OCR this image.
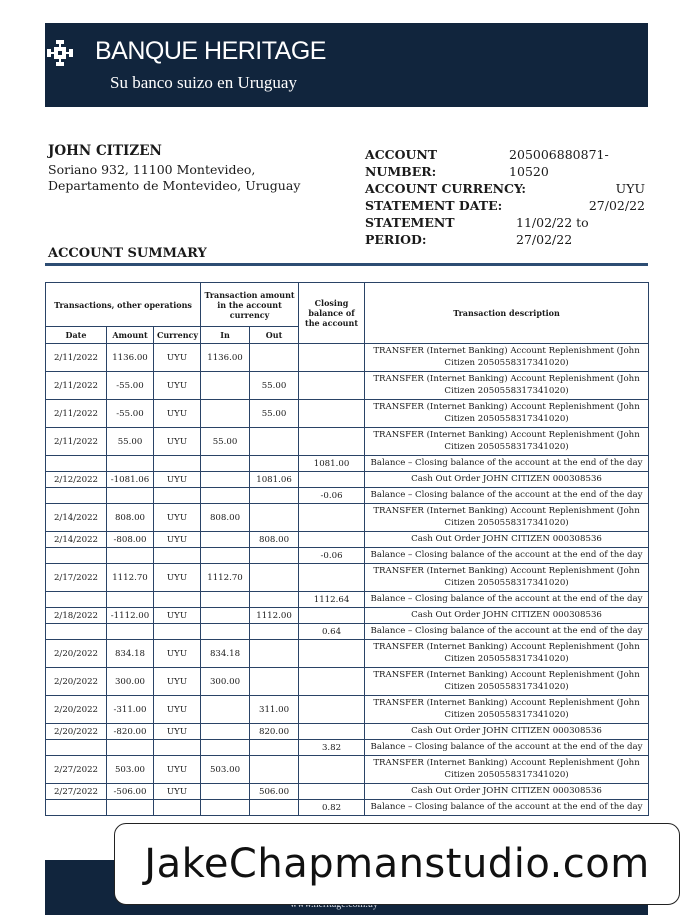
BANQUE HERITAGE
Su banco suizo en Uruguay
JOHN CITIZEN
Soriano 932, 11100 Montevideo,
Departamento de Montevideo, Uruguay
ACCOUNT NUMBER:
205006880871-10520
ACCOUNT CURRENCY:	UYU
STATEMENT DATE:	27/02/22
STATEMENT PERIOD:
11/02/22 to 27/02/22
ACCOUNT SUMMARY
Transactions, other operations			Transaction amount in the account currency		Closing balance of the account	Transaction description
Date	Amount	Currency	In	Out		
2/11/2022	1136.00	UYU	1136.00			TRANSFER (Internet Banking) Account Replenishment (John Citizen 2050558317341020)
2/11/2022	-55.00	UYU		55.00		TRANSFER (Internet Banking) Account Replenishment (John Citizen 2050558317341020)
2/11/2022	-55.00	UYU		55.00		TRANSFER (Internet Banking) Account Replenishment (John Citizen 2050558317341020)
2/11/2022	55.00	UYU	55.00			TRANSFER (Internet Banking) Account Replenishment (John Citizen 2050558317341020)
					1081.00	Balance – Closing balance of the account at the end of the day
2/12/2022	-1081.06	UYU		1081.06		Cash Out Order JOHN CITIZEN 000308536
					-0.06	Balance – Closing balance of the account at the end of the day
2/14/2022	808.00	UYU	808.00			TRANSFER (Internet Banking) Account Replenishment (John Citizen 2050558317341020)
2/14/2022	-808.00	UYU		808.00		Cash Out Order JOHN CITIZEN 000308536
					-0.06	Balance – Closing balance of the account at the end of the day
2/17/2022	1112.70	UYU	1112.70			TRANSFER (Internet Banking) Account Replenishment (John Citizen 2050558317341020)
					1112.64	Balance – Closing balance of the account at the end of the day
2/18/2022	-1112.00	UYU		1112.00		Cash Out Order JOHN CITIZEN 000308536
					0.64	Balance – Closing balance of the account at the end of the day
2/20/2022	834.18	UYU	834.18			TRANSFER (Internet Banking) Account Replenishment (John Citizen 2050558317341020)
2/20/2022	300.00	UYU	300.00			TRANSFER (Internet Banking) Account Replenishment (John Citizen 2050558317341020)
2/20/2022	-311.00	UYU		311.00		TRANSFER (Internet Banking) Account Replenishment (John Citizen 2050558317341020)
2/20/2022	-820.00	UYU		820.00		Cash Out Order JOHN CITIZEN 000308536
					3.82	Balance – Closing balance of the account at the end of the day
2/27/2022	503.00	UYU	503.00			TRANSFER (Internet Banking) Account Replenishment (John Citizen 2050558317341020)
2/27/2022	-506.00	UYU		506.00		Cash Out Order JOHN CITIZEN 000308536
					0.82	Balance – Closing balance of the account at the end of the day
JakeChapmanstudio.com
